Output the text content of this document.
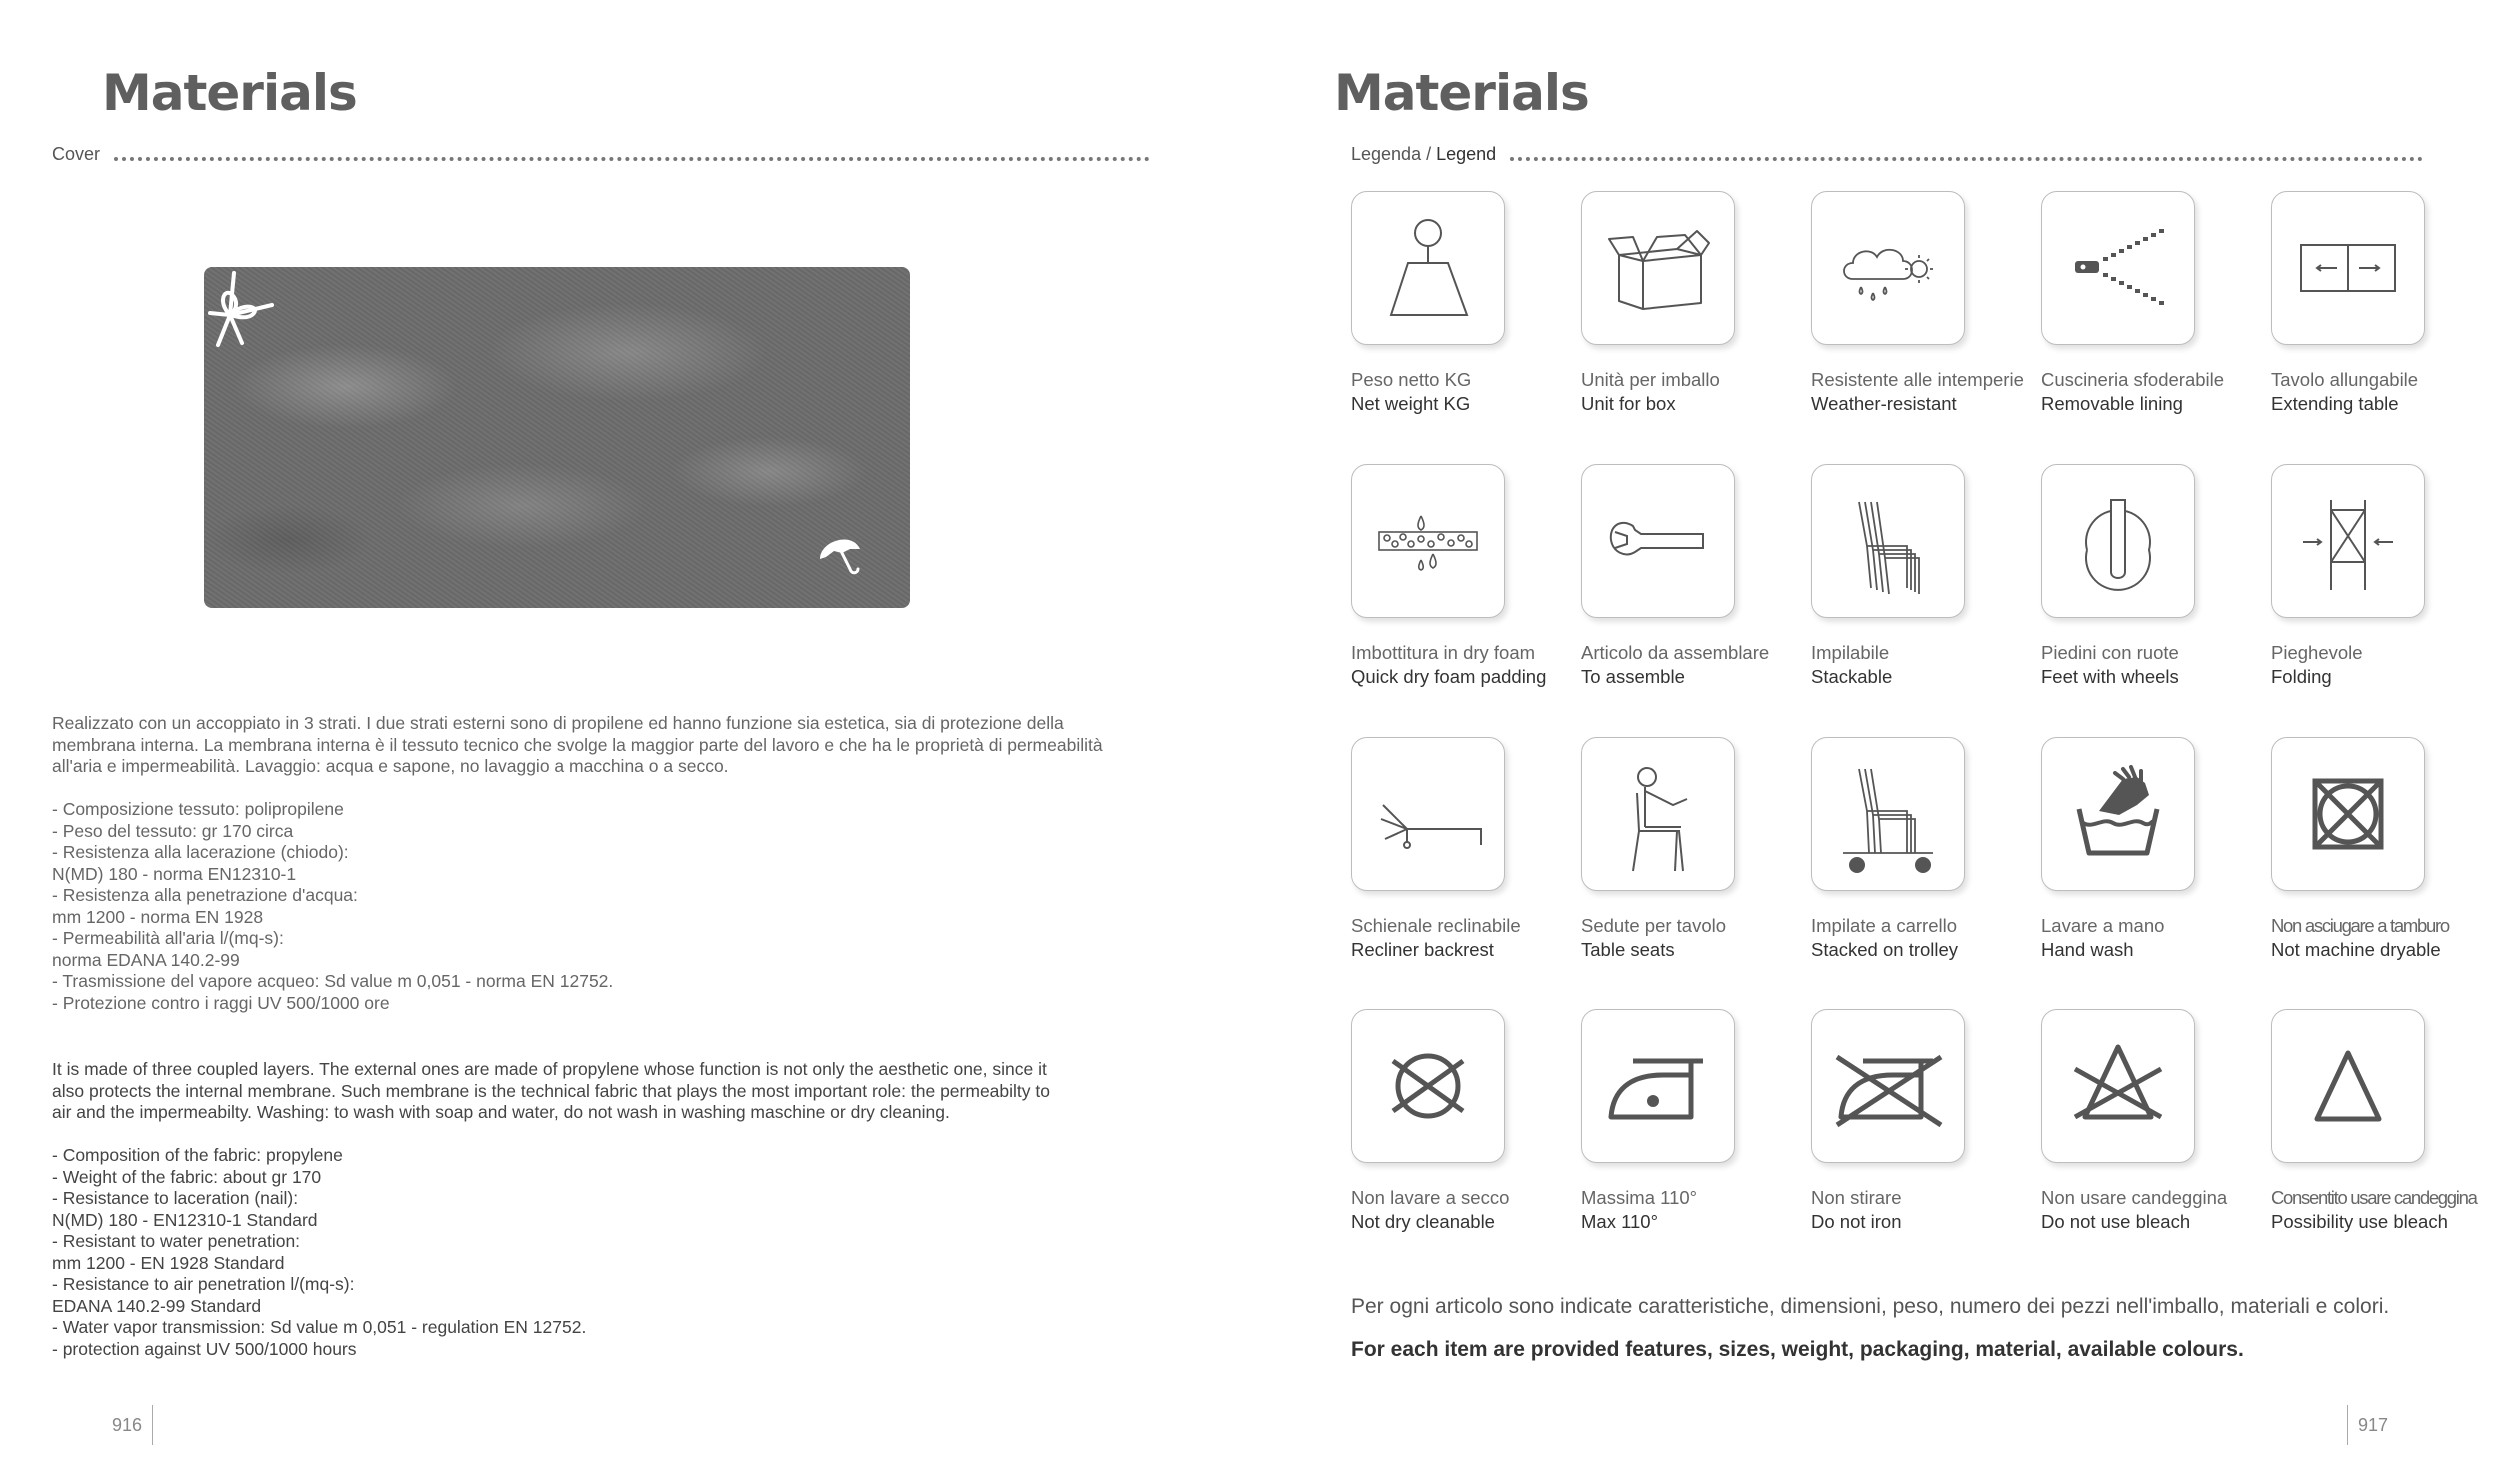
Materials
Cover
Realizzato con un accoppiato in 3 strati. I due strati esterni sono di propilene ed hanno funzione sia estetica, sia di protezione della
membrana interna. La membrana interna è il tessuto tecnico che svolge la maggior parte del lavoro e che ha le proprietà di permeabilità
all'aria e impermeabilità. Lavaggio: acqua e sapone, no lavaggio a macchina o a secco.
- Composizione tessuto: polipropilene
- Peso del tessuto: gr 170 circa
- Resistenza alla lacerazione (chiodo):
N(MD) 180 - norma EN12310-1
- Resistenza alla penetrazione d'acqua:
mm 1200 - norma EN 1928
- Permeabilità all'aria l/(mq-s):
norma EDANA 140.2-99
- Trasmissione del vapore acqueo: Sd value m 0,051 - norma EN 12752.
- Protezione contro i raggi UV 500/1000 ore
It is made of three coupled layers. The external ones are made of propylene whose function is not only the aesthetic one, since it
also protects the internal membrane. Such membrane is the technical fabric that plays the most important role: the permeabilty to
air and the impermeabilty. Washing: to wash with soap and water, do not wash in washing maschine or dry cleaning.
- Composition of the fabric: propylene
- Weight of the fabric: about gr 170
- Resistance to laceration (nail):
N(MD) 180 - EN12310-1 Standard
- Resistant to water penetration:
mm 1200 - EN 1928 Standard
- Resistance to air penetration l/(mq-s):
EDANA 140.2-99 Standard
- Water vapor transmission: Sd value m 0,051 - regulation EN 12752.
- protection against UV 500/1000 hours
916
Materials
Legenda /
Legend
Peso netto KG
Net weight KG
Unità per imballo
Unit for box
Resistente alle intemperie
Weather-resistant
Cuscineria sfoderabile
Removable lining
Tavolo allungabile
Extending table
Imbottitura in dry foam
Quick dry foam padding
Articolo da assemblare
To assemble
Impilabile
Stackable
Piedini con ruote
Feet with wheels
Pieghevole
Folding
Schienale reclinabile
Recliner backrest
Sedute per tavolo
Table seats
Impilate a carrello
Stacked on trolley
Lavare a mano
Hand wash
Non asciugare a tamburo
Not machine dryable
Non lavare a secco
Not dry cleanable
Massima 110°
Max 110°
Non stirare
Do not iron
Non usare candeggina
Do not use bleach
Consentito usare candeggina
Possibility use bleach
Per ogni articolo sono indicate caratteristiche, dimensioni, peso, numero dei pezzi nell'imballo, materiali e colori.
For each item are provided features, sizes, weight, packaging, material, available colours.
917
